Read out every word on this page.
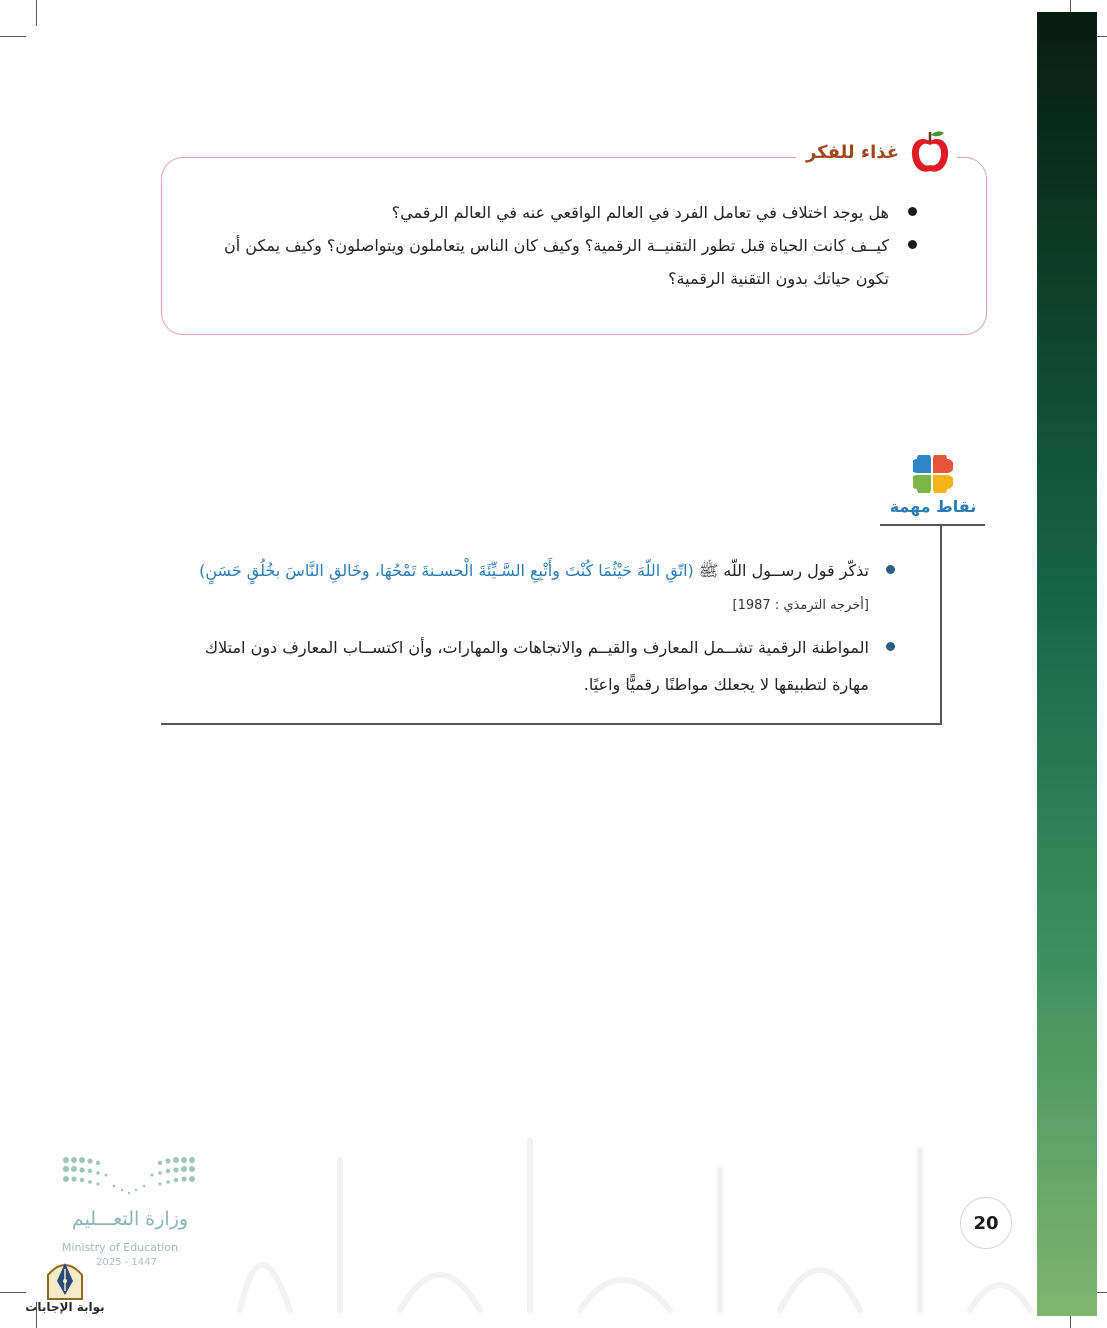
غذاء للفكر
هل يوجد اختلاف في تعامل الفرد في العالم الواقعي عنه في العالم الرقمي؟
كيــف كانت الحياة قبل تطور التقنيــة الرقمية؟ وكيف كان الناس يتعاملون ويتواصلون؟ وكيف يمكن أن تكون حياتك بدون التقنية الرقمية؟
نقاط مهمة
تذكّر قول رســول اللّه ﷺ (اتّقِ اللّهَ حَيْثُمَا كُنْتَ وأَتْبِعِ السَّـيِّئَةَ الْحسـنةَ تَمْحُهَا، وخَالقِ النَّاسَ بخُلُقٍ حَسَنٍ)
[أخرجه الترمذي : 1987]
المواطنة الرقمية تشــمل المعارف والقيــم والاتجاهات والمهارات، وأن اكتســاب المعارف دون امتلاك مهارة لتطبيقها لا يجعلك مواطنًا رقميًّا واعيًا.
20
وزارة التعـــليم
Ministry of Education
2025 - 1447
بوابة الإجابات
